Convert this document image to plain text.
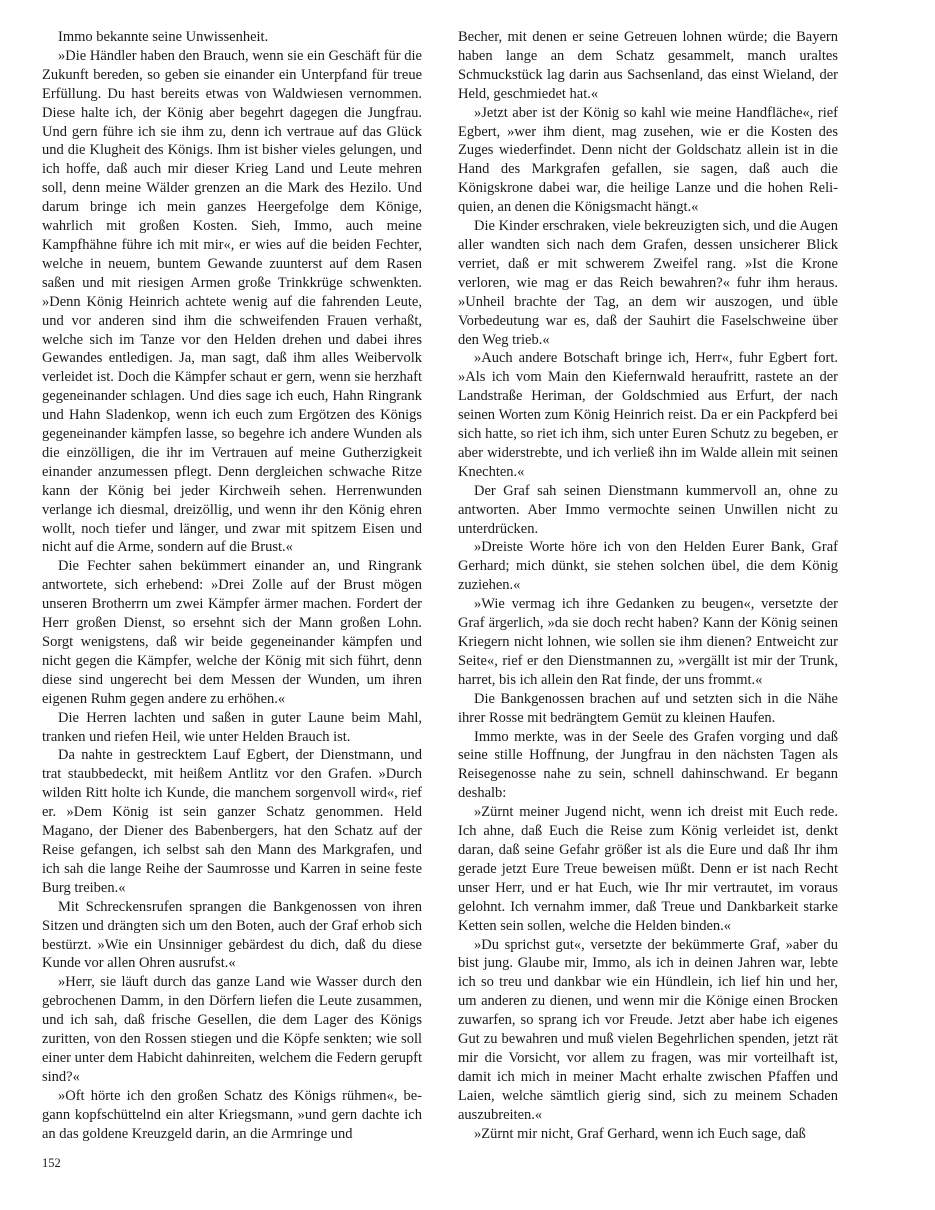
Immo bekannte seine Unwissenheit.

»Die Händler haben den Brauch, wenn sie ein Geschäft für die Zukunft bereden, so geben sie einander ein Unterpfand für treue Erfüllung. Du hast bereits etwas von Waldwiesen vernommen. Diese halte ich, der König aber begehrt dagegen die Jungfrau. Und gern führe ich sie ihm zu, denn ich vertraue auf das Glück und die Klugheit des Königs. Ihm ist bisher vieles gelungen, und ich hoffe, daß auch mir dieser Krieg Land und Leute mehren soll, denn meine Wälder grenzen an die Mark des Hezilo. Und darum bringe ich mein ganzes Heergefolge dem Könige, wahrlich mit großen Kosten. Sieh, Immo, auch meine Kampfhähne führe ich mit mir«, er wies auf die beiden Fechter, welche in neuem, buntem Gewande zuunterst auf dem Rasen saßen und mit riesigen Armen große Trinkkrüge schwenkten. »Denn König Heinrich achtete wenig auf die fahrenden Leute, und vor anderen sind ihm die schweifenden Frauen verhaßt, welche sich im Tanze vor den Helden drehen und dabei ihres Gewandes entledigen. Ja, man sagt, daß ihm alles Weibervolk verleidet ist. Doch die Kämpfer schaut er gern, wenn sie herzhaft gegeneinander schlagen. Und dies sage ich euch, Hahn Ringrank und Hahn Sladenkop, wenn ich euch zum Ergötzen des Königs gegeneinander kämpfen lasse, so begehre ich andere Wunden als die einzölligen, die ihr im Vertrauen auf meine Gutherzigkeit einander anzumessen pflegt. Denn dergleichen schwache Ritze kann der König bei jeder Kirchweih sehen. Herrenwunden verlange ich diesmal, dreizöllig, und wenn ihr den König ehren wollt, noch tiefer und länger, und zwar mit spitzem Eisen und nicht auf die Arme, sondern auf die Brust.«

Die Fechter sahen bekümmert einander an, und Ringrank antwortete, sich erhebend: »Drei Zolle auf der Brust mögen unseren Brotherrn um zwei Kämpfer ärmer machen. Fordert der Herr großen Dienst, so ersehnt sich der Mann großen Lohn. Sorgt wenigstens, daß wir beide gegeneinander kämpfen und nicht gegen die Kämpfer, welche der König mit sich führt, denn diese sind ungerecht bei dem Messen der Wunden, um ihren eigenen Ruhm gegen andere zu erhöhen.«

Die Herren lachten und saßen in guter Laune beim Mahl, tranken und riefen Heil, wie unter Helden Brauch ist.

Da nahte in gestrecktem Lauf Egbert, der Dienstmann, und trat staubbedeckt, mit heißem Antlitz vor den Grafen. »Durch wilden Ritt holte ich Kunde, die manchem sorgenvoll wird«, rief er. »Dem König ist sein ganzer Schatz genommen. Held Magano, der Diener des Babenbergers, hat den Schatz auf der Reise gefangen, ich selbst sah den Mann des Markgrafen, und ich sah die lange Reihe der Saumrosse und Karren in seine feste Burg treiben.«

Mit Schreckensrufen sprangen die Bankgenossen von ihren Sitzen und drängten sich um den Boten, auch der Graf erhob sich bestürzt. »Wie ein Unsinniger gebärdest du dich, daß du diese Kunde vor allen Ohren ausrufst.«

»Herr, sie läuft durch das ganze Land wie Wasser durch den gebrochenen Damm, in den Dörfern liefen die Leute zusammen, und ich sah, daß frische Gesellen, die dem Lager des Königs zuritten, von den Rossen stiegen und die Köpfe senkten; wie soll einer unter dem Habicht dahinreiten, welchem die Federn gerupft sind?«

»Oft hörte ich den großen Schatz des Königs rühmen«, begann kopfschüttelnd ein alter Kriegsmann, »und gern dachte ich an das goldene Kreuzgeld darin, an die Armringe und

Becher, mit denen er seine Getreuen lohnen würde; die Bayern haben lange an dem Schatz gesammelt, manch uraltes Schmuckstück lag darin aus Sachsenland, das einst Wieland, der Held, geschmiedet hat.«

»Jetzt aber ist der König so kahl wie meine Handfläche«, rief Egbert, »wer ihm dient, mag zusehen, wie er die Kosten des Zuges wiederfindet. Denn nicht der Goldschatz allein ist in die Hand des Markgrafen gefallen, sie sagen, daß auch die Königskrone dabei war, die heilige Lanze und die hohen Reliquien, an denen die Königsmacht hängt.«

Die Kinder erschraken, viele bekreuzigten sich, und die Augen aller wandten sich nach dem Grafen, dessen unsicherer Blick verriet, daß er mit schwerem Zweifel rang. »Ist die Krone verloren, wie mag er das Reich bewahren?« fuhr ihm heraus. »Unheil brachte der Tag, an dem wir auszogen, und üble Vorbedeutung war es, daß der Sauhirt die Faselschweine über den Weg trieb.«

»Auch andere Botschaft bringe ich, Herr«, fuhr Egbert fort. »Als ich vom Main den Kiefernwald heraufritt, rastete an der Landstraße Heriman, der Goldschmied aus Erfurt, der nach seinen Worten zum König Heinrich reist. Da er ein Packpferd bei sich hatte, so riet ich ihm, sich unter Euren Schutz zu begeben, er aber widerstrebte, und ich verließ ihn im Walde allein mit seinen Knechten.«

Der Graf sah seinen Dienstmann kummervoll an, ohne zu antworten. Aber Immo vermochte seinen Unwillen nicht zu unterdrücken.

»Dreiste Worte höre ich von den Helden Eurer Bank, Graf Gerhard; mich dünkt, sie stehen solchen übel, die dem König zuziehen.«

»Wie vermag ich ihre Gedanken zu beugen«, versetzte der Graf ärgerlich, »da sie doch recht haben? Kann der König seinen Kriegern nicht lohnen, wie sollen sie ihm dienen? Entweicht zur Seite«, rief er den Dienstmannen zu, »vergällt ist mir der Trunk, harret, bis ich allein den Rat finde, der uns frommt.«

Die Bankgenossen brachen auf und setzten sich in die Nähe ihrer Rosse mit bedrängtem Gemüt zu kleinen Haufen.

Immo merkte, was in der Seele des Grafen vorging und daß seine stille Hoffnung, der Jungfrau in den nächsten Tagen als Reisegenosse nahe zu sein, schnell dahinschwand. Er begann deshalb:

»Zürnt meiner Jugend nicht, wenn ich dreist mit Euch rede. Ich ahne, daß Euch die Reise zum König verleidet ist, denkt daran, daß seine Gefahr größer ist als die Eure und daß Ihr ihm gerade jetzt Eure Treue beweisen müßt. Denn er ist nach Recht unser Herr, und er hat Euch, wie Ihr mir vertrautet, im voraus gelohnt. Ich vernahm immer, daß Treue und Dankbarkeit starke Ketten sein sollen, welche die Helden binden.«

»Du sprichst gut«, versetzte der bekümmerte Graf, »aber du bist jung. Glaube mir, Immo, als ich in deinen Jahren war, lebte ich so treu und dankbar wie ein Hündlein, ich lief hin und her, um anderen zu dienen, und wenn mir die Könige einen Brocken zuwarfen, so sprang ich vor Freude. Jetzt aber habe ich eigenes Gut zu bewahren und muß vielen Begehrlichen spenden, jetzt rät mir die Vorsicht, vor allem zu fragen, was mir vorteilhaft ist, damit ich mich in meiner Macht erhalte zwischen Pfaffen und Laien, welche sämtlich gierig sind, sich zu meinem Schaden auszubreiten.«

»Zürnt mir nicht, Graf Gerhard, wenn ich Euch sage, daß

152
